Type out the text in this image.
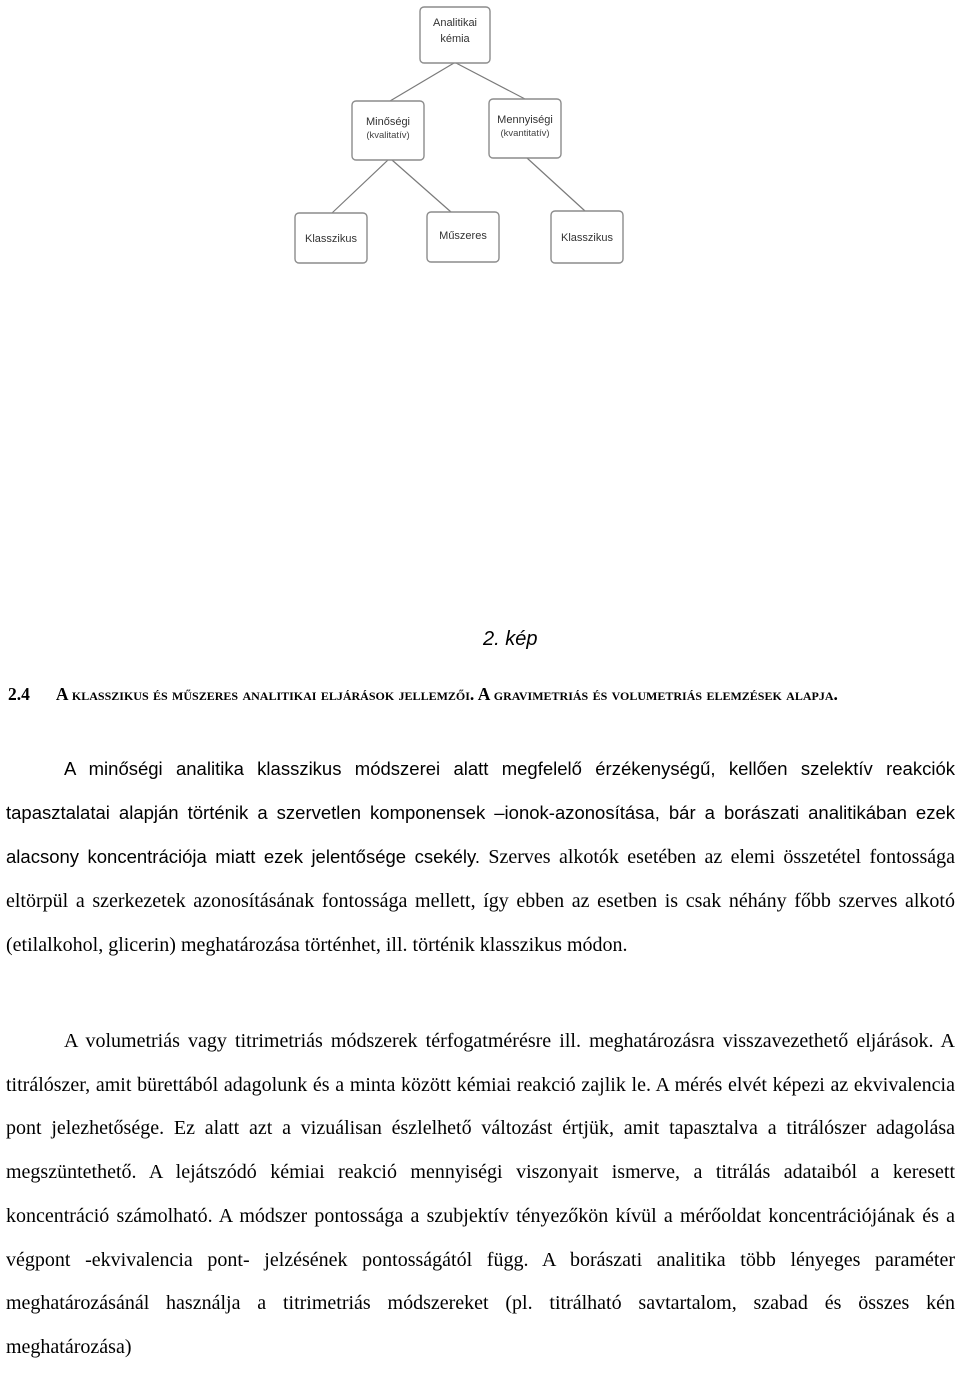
Analitikai
kémia
Minőségi
(kvalitatív)
Mennyiségi
(kvantitatív)
Klasszikus	Műszeres	Klasszikus
2. kép
2.4 A klasszikus és műszeres analitikai eljárások jellemzői. A gravimetriás és volumetriás elemzések alapja.

A minőségi analitika klasszikus módszerei alatt megfelelő érzékenységű, kellően szelektív reakciók tapasztalatai alapján történik a szervetlen komponensek –ionok-azonosítása, bár a borászati analitikában ezek alacsony koncentrációja miatt ezek jelentősége csekély. Szerves alkotók esetében az elemi összetétel fontossága eltörpül a szerkezetek azonosításának fontossága mellett, így ebben az esetben is csak néhány főbb szerves alkotó (etilalkohol, glicerin) meghatározása történhet, ill. történik klasszikus módon.

A volumetriás vagy titrimetriás módszerek térfogatmérésre ill. meghatározásra visszavezethető eljárások. A titrálószer, amit bürettából adagolunk és a minta között kémiai reakció zajlik le. A mérés elvét képezi az ekvivalencia pont jelezhetősége. Ez alatt azt a vizuálisan észlelhető változást értjük, amit tapasztalva a titrálószer adagolása megszüntethető. A lejátszódó kémiai reakció mennyiségi viszonyait ismerve, a titrálás adataiból a keresett koncentráció számolható. A módszer pontossága a szubjektív tényezőkön kívül a mérőoldat koncentrációjának és a végpont -ekvivalencia pont- jelzésének pontosságától függ. A borászati analitika több lényeges paraméter meghatározásánál használja a titrimetriás módszereket (pl. titrálható savtartalom, szabad és összes kén meghatározása)
